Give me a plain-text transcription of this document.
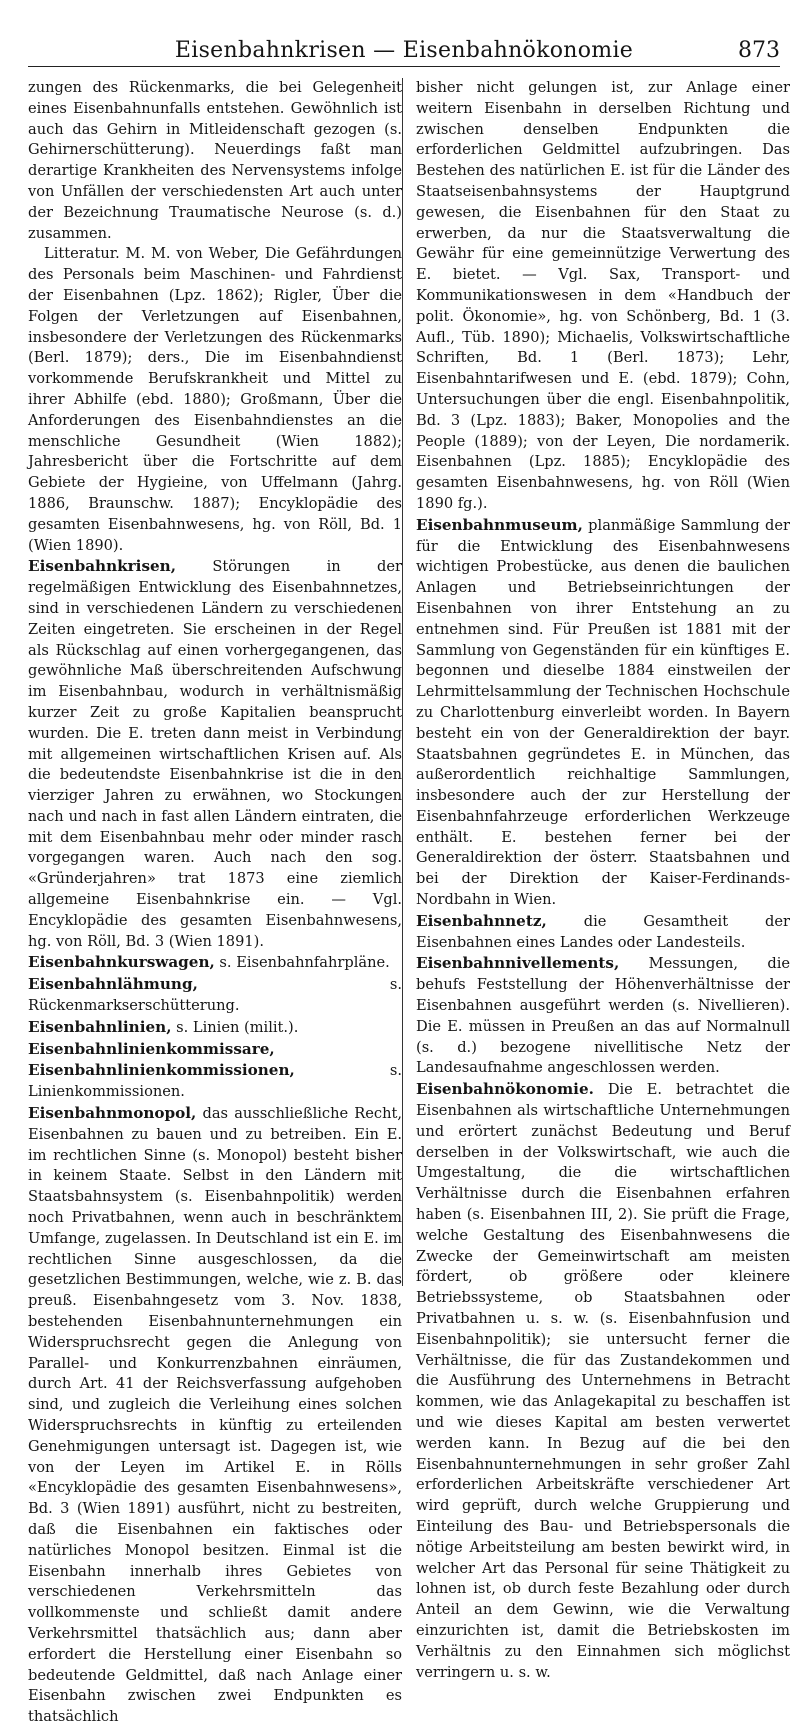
Eisenbahnkrisen — Eisenbahnökonomie	873

zungen des Rückenmarks, die bei Gelegenheit eines Eisenbahnunfalls entstehen. Gewöhnlich ist auch das Gehirn in Mitleidenschaft gezogen (s. Gehirnerschütterung). Neuerdings faßt man derartige Krankheiten des Nervensystems infolge von Unfällen der verschiedensten Art auch unter der Bezeichnung Traumatische Neurose (s. d.) zusammen.

Litteratur. M. M. von Weber, Die Gefährdungen des Personals beim Maschinen- und Fahrdienst der Eisenbahnen (Lpz. 1862); Rigler, Über die Folgen der Verletzungen auf Eisenbahnen, insbesondere der Verletzungen des Rückenmarks (Berl. 1879); ders., Die im Eisenbahndienst vorkommende Berufskrankheit und Mittel zu ihrer Abhilfe (ebd. 1880); Großmann, Über die Anforderungen des Eisenbahndienstes an die menschliche Gesundheit (Wien 1882); Jahresbericht über die Fortschritte auf dem Gebiete der Hygieine, von Uffelmann (Jahrg. 1886, Braunschw. 1887); Encyklopädie des gesamten Eisenbahnwesens, hg. von Röll, Bd. 1 (Wien 1890).

Eisenbahnkrisen, Störungen in der regelmäßigen Entwicklung des Eisenbahnnetzes, sind in verschiedenen Ländern zu verschiedenen Zeiten eingetreten. Sie erscheinen in der Regel als Rückschlag auf einen vorhergegangenen, das gewöhnliche Maß überschreitenden Aufschwung im Eisenbahnbau, wodurch in verhältnismäßig kurzer Zeit zu große Kapitalien beansprucht wurden. Die E. treten dann meist in Verbindung mit allgemeinen wirtschaftlichen Krisen auf. Als die bedeutendste Eisenbahnkrise ist die in den vierziger Jahren zu erwähnen, wo Stockungen nach und nach in fast allen Ländern eintraten, die mit dem Eisenbahnbau mehr oder minder rasch vorgegangen waren. Auch nach den sog. «Gründerjahren» trat 1873 eine ziemlich allgemeine Eisenbahnkrise ein. — Vgl. Encyklopädie des gesamten Eisenbahnwesens, hg. von Röll, Bd. 3 (Wien 1891).

Eisenbahnkurswagen, s. Eisenbahnfahrpläne.

Eisenbahnlähmung, s. Rückenmarkserschütterung.

Eisenbahnlinien, s. Linien (milit.).

Eisenbahnlinienkommissare, Eisenbahnlinienkommissionen, s. Linienkommissionen.

Eisenbahnmonopol, das ausschließliche Recht, Eisenbahnen zu bauen und zu betreiben. Ein E. im rechtlichen Sinne (s. Monopol) besteht bisher in keinem Staate. Selbst in den Ländern mit Staatsbahnsystem (s. Eisenbahnpolitik) werden noch Privatbahnen, wenn auch in beschränktem Umfange, zugelassen. In Deutschland ist ein E. im rechtlichen Sinne ausgeschlossen, da die gesetzlichen Bestimmungen, welche, wie z. B. das preuß. Eisenbahngesetz vom 3. Nov. 1838, bestehenden Eisenbahnunternehmungen ein Widerspruchsrecht gegen die Anlegung von Parallel- und Konkurrenzbahnen einräumen, durch Art. 41 der Reichsverfassung aufgehoben sind, und zugleich die Verleihung eines solchen Widerspruchsrechts in künftig zu erteilenden Genehmigungen untersagt ist. Dagegen ist, wie von der Leyen im Artikel E. in Rölls «Encyklopädie des gesamten Eisenbahnwesens», Bd. 3 (Wien 1891) ausführt, nicht zu bestreiten, daß die Eisenbahnen ein faktisches oder natürliches Monopol besitzen. Einmal ist die Eisenbahn innerhalb ihres Gebietes von verschiedenen Verkehrsmitteln das vollkommenste und schließt damit andere Verkehrsmittel thatsächlich aus; dann aber erfordert die Herstellung einer Eisenbahn so bedeutende Geldmittel, daß nach Anlage einer Eisenbahn zwischen zwei Endpunkten es thatsächlich

bisher nicht gelungen ist, zur Anlage einer weitern Eisenbahn in derselben Richtung und zwischen denselben Endpunkten die erforderlichen Geldmittel aufzubringen. Das Bestehen des natürlichen E. ist für die Länder des Staatseisenbahnsystems der Hauptgrund gewesen, die Eisenbahnen für den Staat zu erwerben, da nur die Staatsverwaltung die Gewähr für eine gemeinnützige Verwertung des E. bietet. — Vgl. Sax, Transport- und Kommunikationswesen in dem «Handbuch der polit. Ökonomie», hg. von Schönberg, Bd. 1 (3. Aufl., Tüb. 1890); Michaelis, Volkswirtschaftliche Schriften, Bd. 1 (Berl. 1873); Lehr, Eisenbahntarifwesen und E. (ebd. 1879); Cohn, Untersuchungen über die engl. Eisenbahnpolitik, Bd. 3 (Lpz. 1883); Baker, Monopolies and the People (1889); von der Leyen, Die nordamerik. Eisenbahnen (Lpz. 1885); Encyklopädie des gesamten Eisenbahnwesens, hg. von Röll (Wien 1890 fg.).

Eisenbahnmuseum, planmäßige Sammlung der für die Entwicklung des Eisenbahnwesens wichtigen Probestücke, aus denen die baulichen Anlagen und Betriebseinrichtungen der Eisenbahnen von ihrer Entstehung an zu entnehmen sind. Für Preußen ist 1881 mit der Sammlung von Gegenständen für ein künftiges E. begonnen und dieselbe 1884 einstweilen der Lehrmittelsammlung der Technischen Hochschule zu Charlottenburg einverleibt worden. In Bayern besteht ein von der Generaldirektion der bayr. Staatsbahnen gegründetes E. in München, das außerordentlich reichhaltige Sammlungen, insbesondere auch der zur Herstellung der Eisenbahnfahrzeuge erforderlichen Werkzeuge enthält. E. bestehen ferner bei der Generaldirektion der österr. Staatsbahnen und bei der Direktion der Kaiser-Ferdinands-Nordbahn in Wien.

Eisenbahnnetz, die Gesamtheit der Eisenbahnen eines Landes oder Landesteils.

Eisenbahnnivellements, Messungen, die behufs Feststellung der Höhenverhältnisse der Eisenbahnen ausgeführt werden (s. Nivellieren). Die E. müssen in Preußen an das auf Normalnull (s. d.) bezogene nivellitische Netz der Landesaufnahme angeschlossen werden.

Eisenbahnökonomie. Die E. betrachtet die Eisenbahnen als wirtschaftliche Unternehmungen und erörtert zunächst Bedeutung und Beruf derselben in der Volkswirtschaft, wie auch die Umgestaltung, die die wirtschaftlichen Verhältnisse durch die Eisenbahnen erfahren haben (s. Eisenbahnen III, 2). Sie prüft die Frage, welche Gestaltung des Eisenbahnwesens die Zwecke der Gemeinwirtschaft am meisten fördert, ob größere oder kleinere Betriebssysteme, ob Staatsbahnen oder Privatbahnen u. s. w. (s. Eisenbahnfusion und Eisenbahnpolitik); sie untersucht ferner die Verhältnisse, die für das Zustandekommen und die Ausführung des Unternehmens in Betracht kommen, wie das Anlagekapital zu beschaffen ist und wie dieses Kapital am besten verwertet werden kann. In Bezug auf die bei den Eisenbahnunternehmungen in sehr großer Zahl erforderlichen Arbeitskräfte verschiedener Art wird geprüft, durch welche Gruppierung und Einteilung des Bau- und Betriebspersonals die nötige Arbeitsteilung am besten bewirkt wird, in welcher Art das Personal für seine Thätigkeit zu lohnen ist, ob durch feste Bezahlung oder durch Anteil an dem Gewinn, wie die Verwaltung einzurichten ist, damit die Betriebskosten im Verhältnis zu den Einnahmen sich möglichst verringern u. s. w.
